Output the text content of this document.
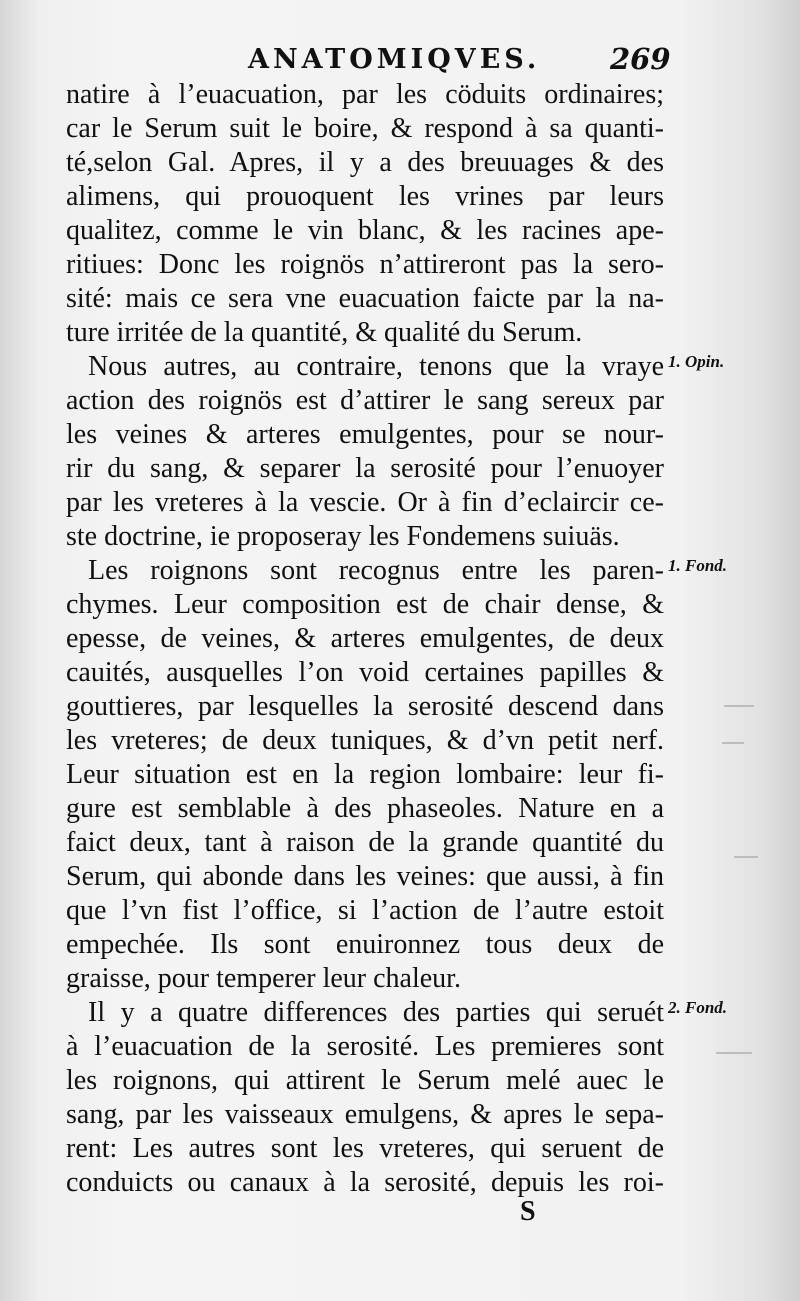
ANATOMIQVES. 269
natire à l’euacuation, par les cöduits ordinaires;
car le Serum suit le boire, & respond à sa quanti-
té,selon Gal. Apres, il y a des breuuages & des
alimens, qui prouoquent les vrines par leurs
qualitez, comme le vin blanc, & les racines ape-
ritiues: Donc les roignös n’attireront pas la sero-
sité: mais ce sera vne euacuation faicte par la na-
ture irritée de la quantité, & qualité du Serum.
Nous autres, au contraire, tenons que la vraye
action des roignös est d’attirer le sang sereux par
les veines & arteres emulgentes, pour se nour-
rir du sang, & separer la serosité pour l’enuoyer
par les vreteres à la vescie. Or à fin d’eclaircir ce-
ste doctrine, ie proposeray les Fondemens suiuäs.
Les roignons sont recognus entre les paren-
chymes. Leur composition est de chair dense, &
epesse, de veines, & arteres emulgentes, de deux
cauités, ausquelles l’on void certaines papilles &
gouttieres, par lesquelles la serosité descend dans
les vreteres; de deux tuniques, & d’vn petit nerf.
Leur situation est en la region lombaire: leur fi-
gure est semblable à des phaseoles. Nature en a
faict deux, tant à raison de la grande quantité du
Serum, qui abonde dans les veines: que aussi, à fin
que l’vn fist l’office, si l’action de l’autre estoit
empechée. Ils sont enuironnez tous deux de
graisse, pour temperer leur chaleur.
Il y a quatre differences des parties qui seruét
à l’euacuation de la serosité. Les premieres sont
les roignons, qui attirent le Serum melé auec le
sang, par les vaisseaux emulgens, & apres le sepa-
rent: Les autres sont les vreteres, qui seruent de
conduicts ou canaux à la serosité, depuis les roi-
1. Opin.
1. Fond.
2. Fond.
S
